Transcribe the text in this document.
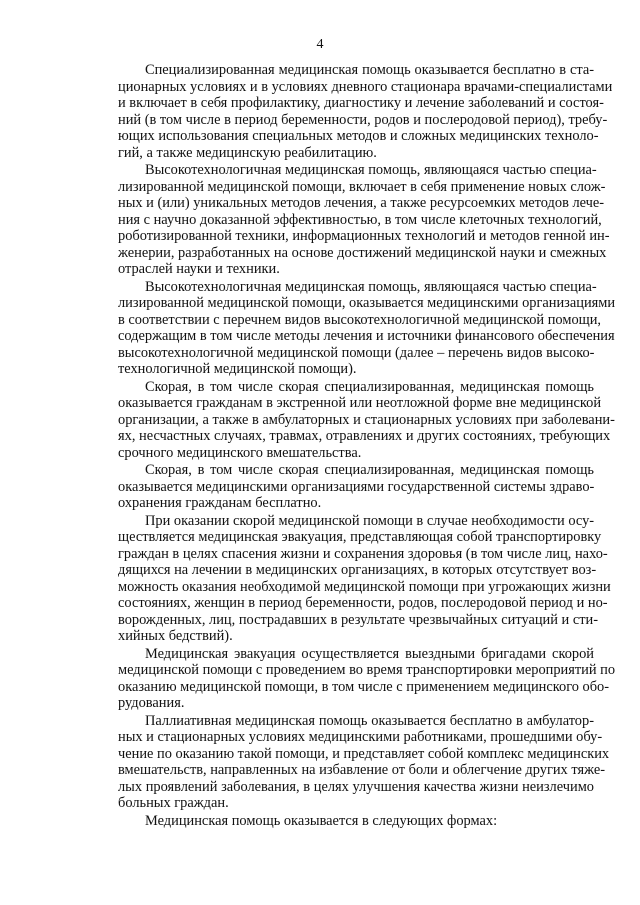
4
Специализированная медицинская помощь оказывается бесплатно в ста-
ционарных условиях и в условиях дневного стационара врачами-специалистами
и включает в себя профилактику, диагностику и лечение заболеваний и состоя-
ний (в том числе в период беременности, родов и послеродовой период), требу-
ющих использования специальных методов и сложных медицинских техноло-
гий, а также медицинскую реабилитацию.
Высокотехнологичная медицинская помощь, являющаяся частью специа-
лизированной медицинской помощи, включает в себя применение новых слож-
ных и (или) уникальных методов лечения, а также ресурсоемких методов лече-
ния с научно доказанной эффективностью, в том числе клеточных технологий,
роботизированной техники, информационных технологий и методов генной ин-
женерии, разработанных на основе достижений медицинской науки и смежных
отраслей науки и техники.
Высокотехнологичная медицинская помощь, являющаяся частью специа-
лизированной медицинской помощи, оказывается медицинскими организациями
в соответствии с перечнем видов высокотехнологичной медицинской помощи,
содержащим в том числе методы лечения и источники финансового обеспечения
высокотехнологичной медицинской помощи (далее – перечень видов высоко-
технологичной медицинской помощи).
Скорая, в том числе скорая специализированная, медицинская помощь
оказывается гражданам в экстренной или неотложной форме вне медицинской
организации, а также в амбулаторных и стационарных условиях при заболевани-
ях, несчастных случаях, травмах, отравлениях и других состояниях, требующих
срочного медицинского вмешательства.
Скорая, в том числе скорая специализированная, медицинская помощь
оказывается медицинскими организациями государственной системы здраво-
охранения гражданам бесплатно.
При оказании скорой медицинской помощи в случае необходимости осу-
ществляется медицинская эвакуация, представляющая собой транспортировку
граждан в целях спасения жизни и сохранения здоровья (в том числе лиц, нахо-
дящихся на лечении в медицинских организациях, в которых отсутствует воз-
можность оказания необходимой медицинской помощи при угрожающих жизни
состояниях, женщин в период беременности, родов, послеродовой период и но-
ворожденных, лиц, пострадавших в результате чрезвычайных ситуаций и сти-
хийных бедствий).
Медицинская эвакуация осуществляется выездными бригадами скорой
медицинской помощи с проведением во время транспортировки мероприятий по
оказанию медицинской помощи, в том числе с применением медицинского обо-
рудования.
Паллиативная медицинская помощь оказывается бесплатно в амбулатор-
ных и стационарных условиях медицинскими работниками, прошедшими обу-
чение по оказанию такой помощи, и представляет собой комплекс медицинских
вмешательств, направленных на избавление от боли и облегчение других тяже-
лых проявлений заболевания, в целях улучшения качества жизни неизлечимо
больных граждан.
Медицинская помощь оказывается в следующих формах:
